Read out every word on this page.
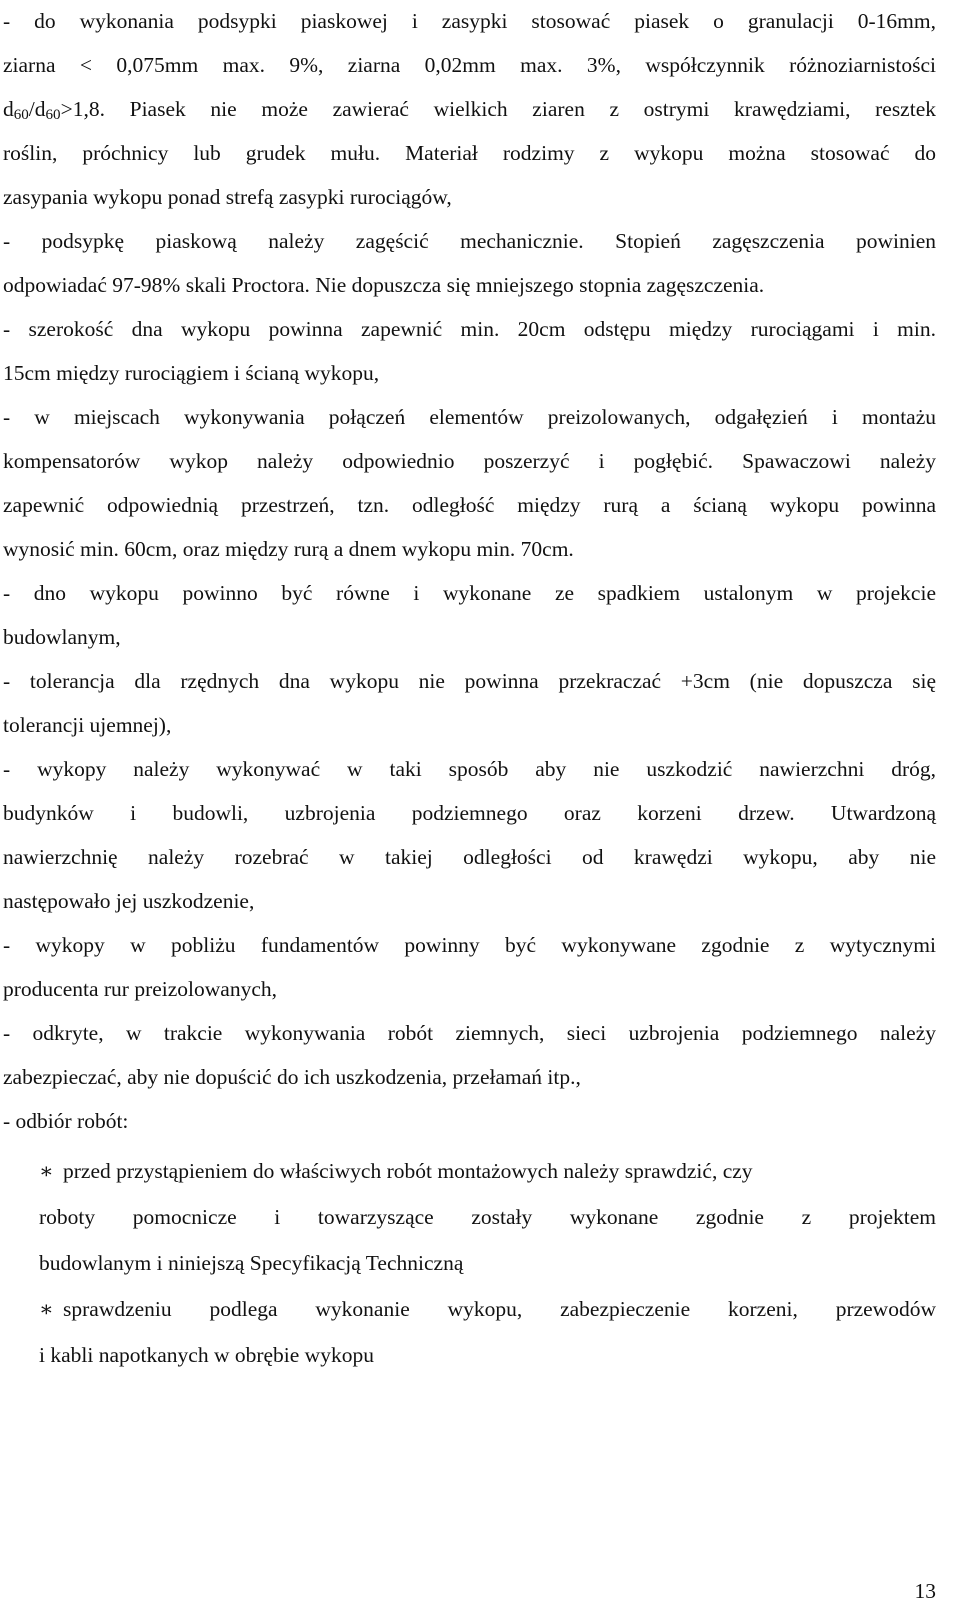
- do wykonania podsypki piaskowej i zasypki stosować piasek o granulacji 0-16mm,
ziarna < 0,075mm max. 9%, ziarna 0,02mm max. 3%, współczynnik różnoziarnistości
$d_{60}/d_{60}>1,8$. Piasek nie może zawierać wielkich ziaren z ostrymi krawędziami, resztek
roślin, próchnicy lub grudek mułu. Materiał rodzimy z wykopu można stosować do
zasypania wykopu ponad strefą zasypki rurociągów,
- podsypkę piaskową należy zagęścić mechanicznie. Stopień zagęszczenia powinien
odpowiadać 97-98% skali Proctora. Nie dopuszcza się mniejszego stopnia zagęszczenia.
- szerokość dna wykopu powinna zapewnić min. 20cm odstępu między rurociągami i min.
15cm między rurociągiem i ścianą wykopu,
- w miejscach wykonywania połączeń elementów preizolowanych, odgałęzień i montażu
kompensatorów wykop należy odpowiednio poszerzyć i pogłębić. Spawaczowi należy
zapewnić odpowiednią przestrzeń, tzn. odległość między rurą a ścianą wykopu powinna
wynosić min. 60cm, oraz między rurą a dnem wykopu min. 70cm.
- dno wykopu powinno być równe i wykonane ze spadkiem ustalonym w projekcie
budowlanym,
- tolerancja dla rzędnych dna wykopu nie powinna przekraczać +3cm (nie dopuszcza się
tolerancji ujemnej),
- wykopy należy wykonywać w taki sposób aby nie uszkodzić nawierzchni dróg,
budynków i budowli, uzbrojenia podziemnego oraz korzeni drzew. Utwardzoną
nawierzchnię należy rozebrać w takiej odległości od krawędzi wykopu, aby nie
następowało jej uszkodzenie,
- wykopy w pobliżu fundamentów powinny być wykonywane zgodnie z wytycznymi
producenta rur preizolowanych,
- odkryte, w trakcie wykonywania robót ziemnych, sieci uzbrojenia podziemnego należy
zabezpieczać, aby nie dopuścić do ich uszkodzenia, przełamań itp.,
- odbiór robót:
∗ przed przystąpieniem do właściwych robót montażowych należy sprawdzić, czy
roboty pomocnicze i towarzyszące zostały wykonane zgodnie z projektem
budowlanym i niniejszą Specyfikacją Techniczną
∗ sprawdzeniu podlega wykonanie wykopu, zabezpieczenie korzeni, przewodów
i kabli napotkanych w obrębie wykopu
13
